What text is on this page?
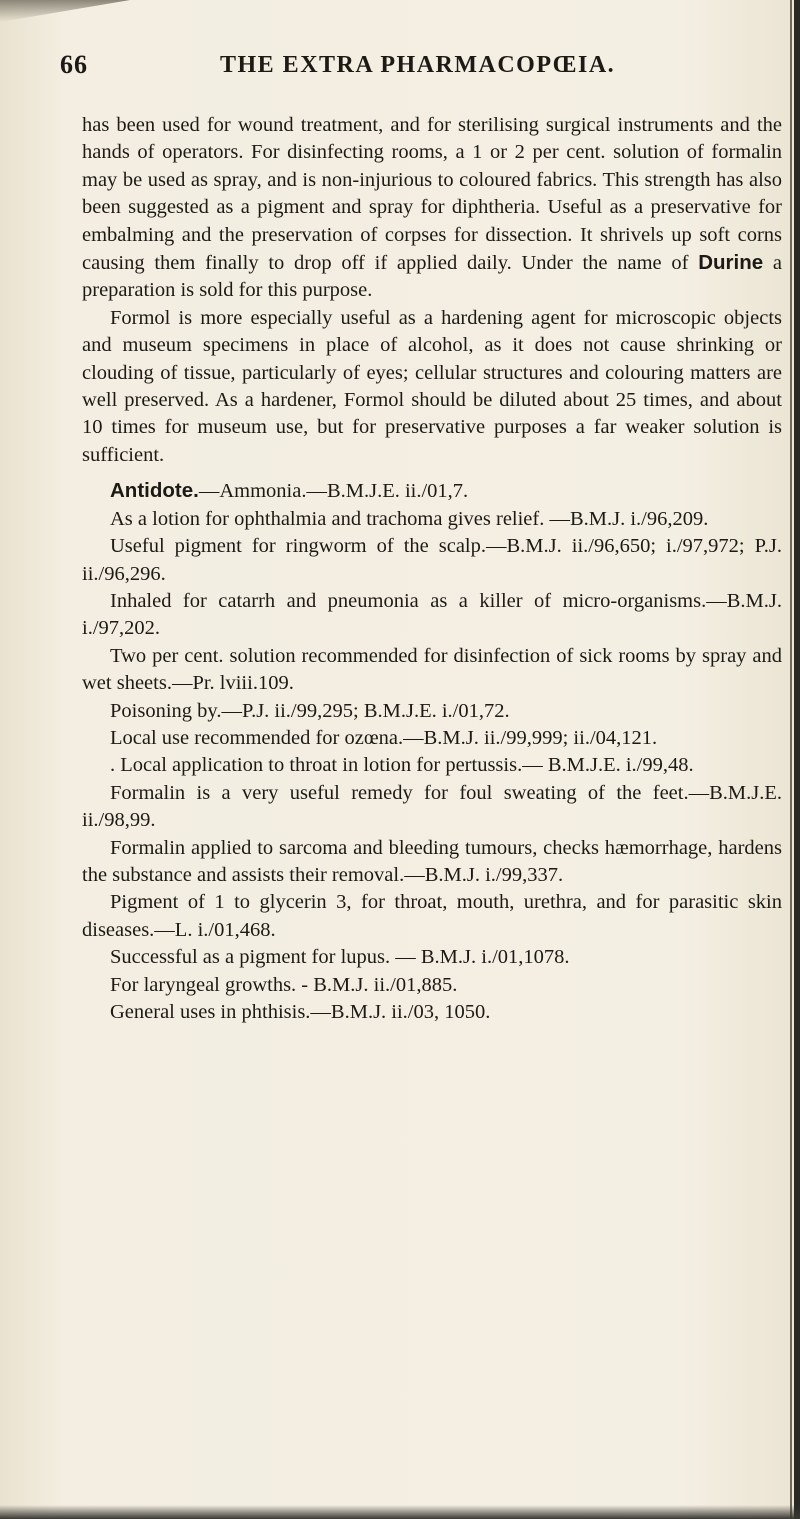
66	THE EXTRA PHARMACOPŒIA.

has been used for wound treatment, and for sterilising surgical instruments and the hands of operators. For disinfecting rooms, a 1 or 2 per cent. solution of formalin may be used as spray, and is non-injurious to coloured fabrics. This strength has also been suggested as a pigment and spray for diphtheria. Useful as a preservative for embalming and the preservation of corpses for dissection. It shrivels up soft corns causing them finally to drop off if applied daily. Under the name of Durine a preparation is sold for this purpose.

Formol is more especially useful as a hardening agent for microscopic objects and museum specimens in place of alcohol, as it does not cause shrinking or clouding of tissue, particularly of eyes; cellular structures and colouring matters are well preserved. As a hardener, Formol should be diluted about 25 times, and about 10 times for museum use, but for preservative purposes a far weaker solution is sufficient.

Antidote.—Ammonia.—B.M.J.E. ii./01,7.

As a lotion for ophthalmia and trachoma gives relief. —B.M.J. i./96,209.

Useful pigment for ringworm of the scalp.—B.M.J. ii./96,650; i./97,972; P.J. ii./96,296.

Inhaled for catarrh and pneumonia as a killer of micro-organisms.—B.M.J. i./97,202.

Two per cent. solution recommended for disinfection of sick rooms by spray and wet sheets.—Pr. lviii.109.

Poisoning by.—P.J. ii./99,295; B.M.J.E. i./01,72.

Local use recommended for ozœna.—B.M.J. ii./99,999; ii./04,121.

. Local application to throat in lotion for pertussis.— B.M.J.E. i./99,48.

Formalin is a very useful remedy for foul sweating of the feet.—B.M.J.E. ii./98,99.

Formalin applied to sarcoma and bleeding tumours, checks hæmorrhage, hardens the substance and assists their removal.—B.M.J. i./99,337.

Pigment of 1 to glycerin 3, for throat, mouth, urethra, and for parasitic skin diseases.—L. i./01,468.

Successful as a pigment for lupus. — B.M.J. i./01,1078.

For laryngeal growths. - B.M.J. ii./01,885.

General uses in phthisis.—B.M.J. ii./03, 1050.
